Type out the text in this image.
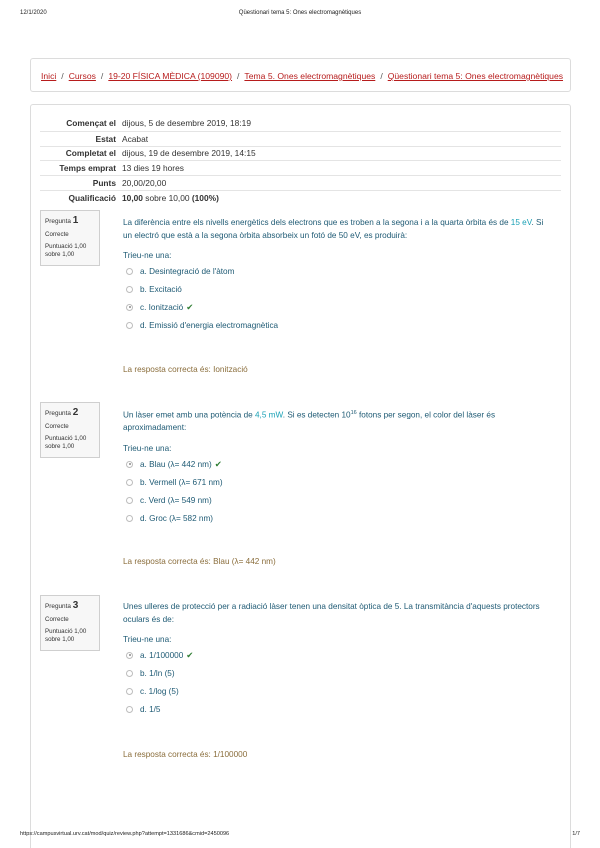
12/1/2020	Qüestionari tema 5: Ones electromagnètiques
Inici / Cursos / 19-20 FÍSICA MÈDICA (109090) / Tema 5. Ones electromagnètiques / Qüestionari tema 5: Ones electromagnètiques
Començat el dijous, 5 de desembre 2019, 18:19
Estat Acabat
Completat el dijous, 19 de desembre 2019, 14:15
Temps emprat 13 dies 19 hores
Punts 20,00/20,00
Qualificació 10,00 sobre 10,00 (100%)
Pregunta 1
Correcte
Puntuació 1,00 sobre 1,00
La diferència entre els nivells energètics dels electrons que es troben a la segona i a la quarta òrbita és de 15 eV. Si un electró que està a la segona òrbita absorbeix un fotó de 50 eV, es produirà:
Trieu-ne una:
a. Desintegració de l'àtom
b. Excitació
c. Ionització ✔
d. Emissió d'energia electromagnètica
La resposta correcta és: Ionització
Pregunta 2
Correcte
Puntuació 1,00 sobre 1,00
Un làser emet amb una potència de 4,5 mW. Si es detecten $10^{16}$ fotons per segon, el color del làser és aproximadament:
Trieu-ne una:
a. Blau (λ= 442 nm) ✔
b. Vermell (λ= 671 nm)
c. Verd (λ= 549 nm)
d. Groc (λ= 582 nm)
La resposta correcta és: Blau (λ= 442 nm)
Pregunta 3
Correcte
Puntuació 1,00 sobre 1,00
Unes ulleres de protecció per a radiació làser tenen una densitat òptica de 5. La transmitància d'aquests protectors oculars és de:
Trieu-ne una:
a. 1/100000 ✔
b. 1/ln (5)
c. 1/log (5)
d. 1/5
La resposta correcta és: 1/100000
https://campusvirtual.urv.cat/mod/quiz/review.php?attempt=1331686&cmid=2450096	1/7
